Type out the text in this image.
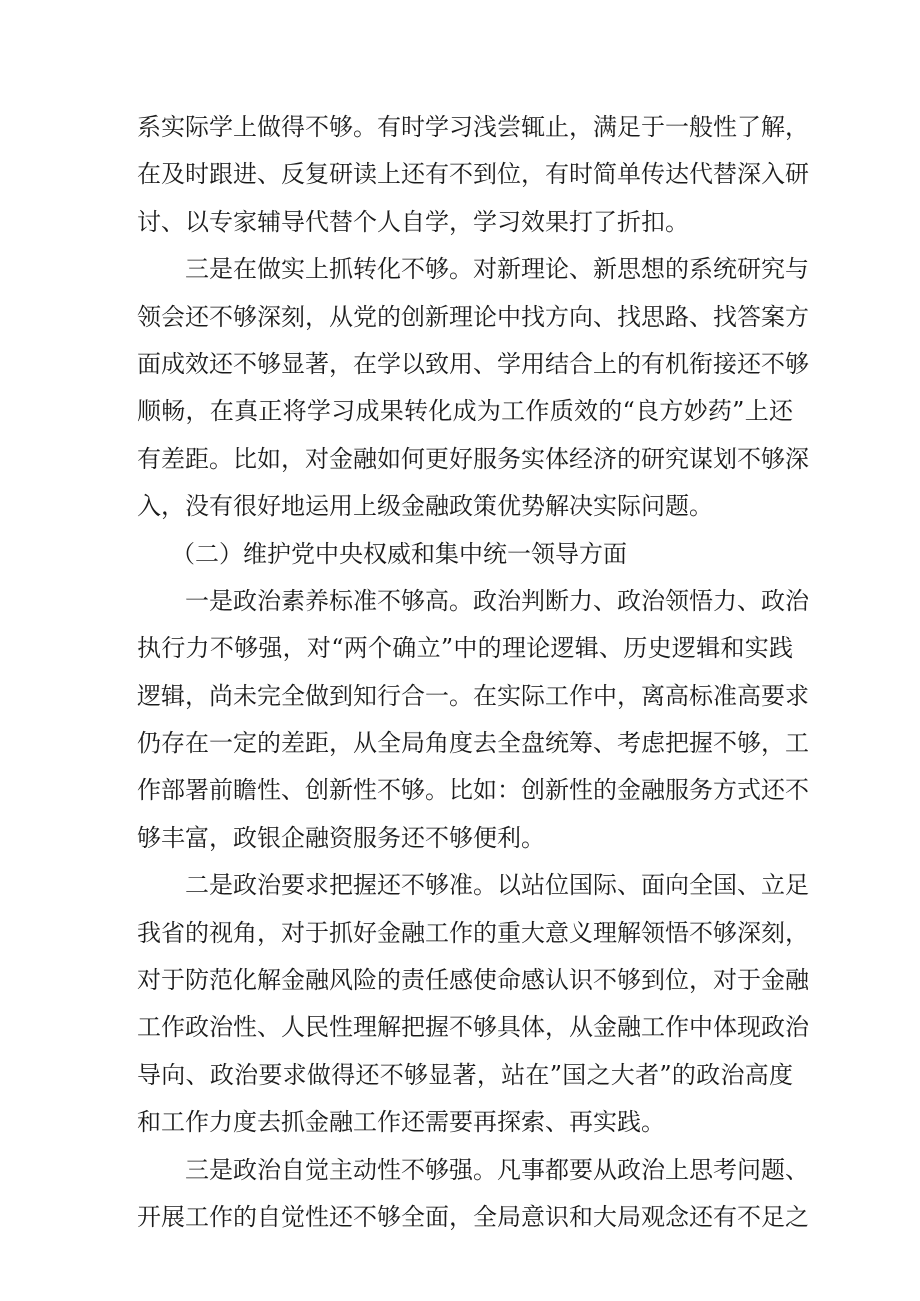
系实际学上做得不够。有时学习浅尝辄止，满足于一般性了解，
在及时跟进、反复研读上还有不到位，有时简单传达代替深入研
讨、以专家辅导代替个人自学，学习效果打了折扣。
三是在做实上抓转化不够。对新理论、新思想的系统研究与
领会还不够深刻，从党的创新理论中找方向、找思路、找答案方
面成效还不够显著，在学以致用、学用结合上的有机衔接还不够
顺畅，在真正将学习成果转化成为工作质效的“良方妙药”上还
有差距。比如，对金融如何更好服务实体经济的研究谋划不够深
入，没有很好地运用上级金融政策优势解决实际问题。
（二）维护党中央权威和集中统一领导方面
一是政治素养标准不够高。政治判断力、政治领悟力、政治
执行力不够强，对“两个确立”中的理论逻辑、历史逻辑和实践
逻辑，尚未完全做到知行合一。在实际工作中，离高标准高要求
仍存在一定的差距，从全局角度去全盘统筹、考虑把握不够，工
作部署前瞻性、创新性不够。比如：创新性的金融服务方式还不
够丰富，政银企融资服务还不够便利。
二是政治要求把握还不够准。以站位国际、面向全国、立足
我省的视角，对于抓好金融工作的重大意义理解领悟不够深刻，
对于防范化解金融风险的责任感使命感认识不够到位，对于金融
工作政治性、人民性理解把握不够具体，从金融工作中体现政治
导向、政治要求做得还不够显著，站在”国之大者”的政治高度
和工作力度去抓金融工作还需要再探索、再实践。
三是政治自觉主动性不够强。凡事都要从政治上思考问题、
开展工作的自觉性还不够全面，全局意识和大局观念还有不足之
